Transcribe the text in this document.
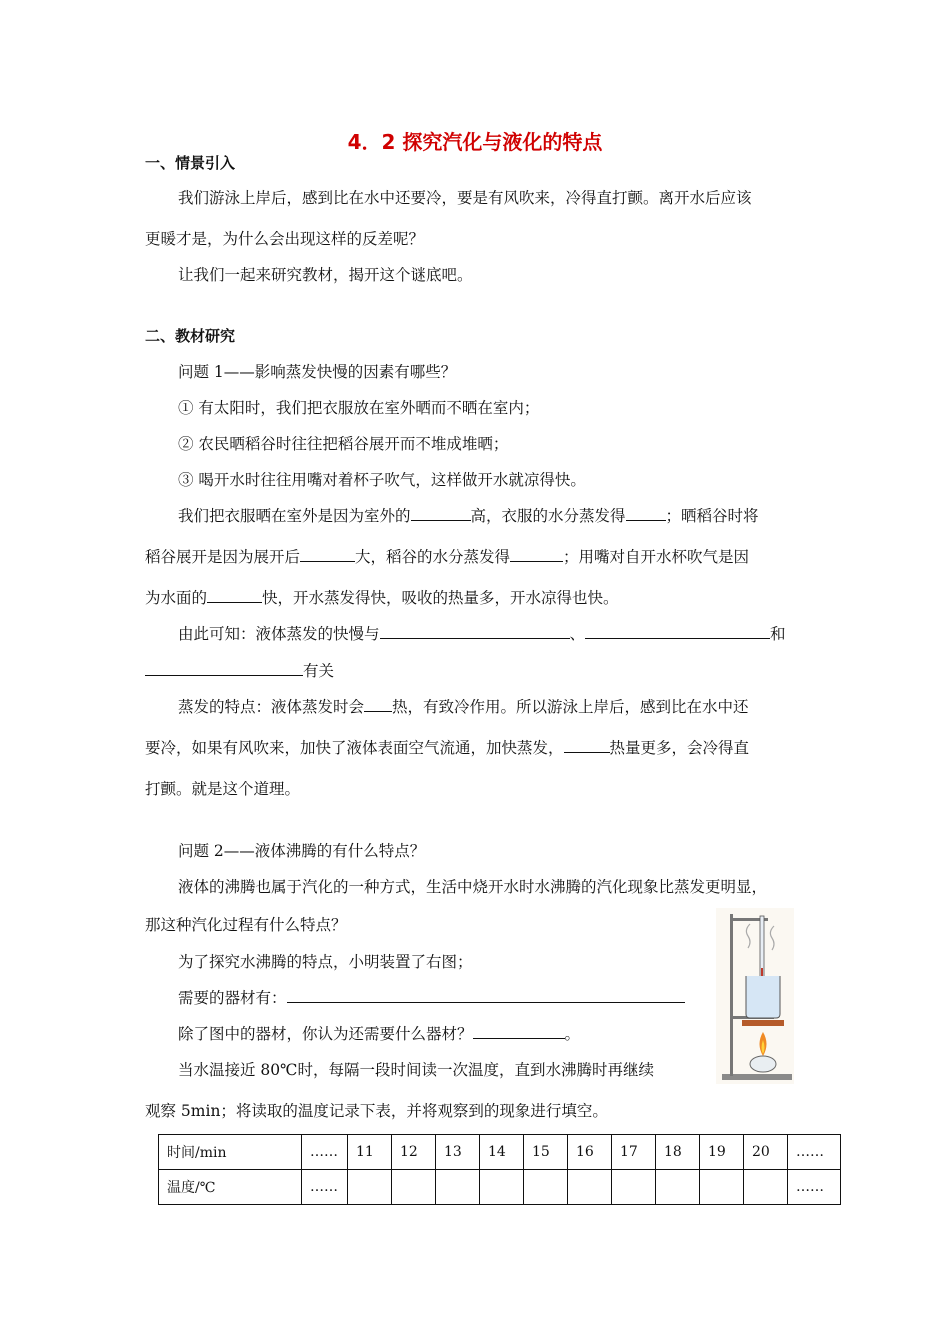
4．2 探究汽化与液化的特点
一、情景引入
我们游泳上岸后，感到比在水中还要冷，要是有风吹来，冷得直打颤。离开水后应该
更暖才是，为什么会出现这样的反差呢？
让我们一起来研究教材，揭开这个谜底吧。
二、教材研究
问题 1——影响蒸发快慢的因素有哪些？
① 有太阳时，我们把衣服放在室外晒而不晒在室内；
② 农民晒稻谷时往往把稻谷展开而不堆成堆晒；
③ 喝开水时往往用嘴对着杯子吹气，这样做开水就凉得快。
我们把衣服晒在室外是因为室外的	高，衣服的水分蒸发得	；晒稻谷时将
稻谷展开是因为展开后	大，稻谷的水分蒸发得	；用嘴对自开水杯吹气是因
为水面的	快，开水蒸发得快，吸收的热量多，开水凉得也快。
由此可知：液体蒸发的快慢与	、	和
有关
蒸发的特点：液体蒸发时会 热，有致冷作用。所以游泳上岸后，感到比在水中还
要冷，如果有风吹来，加快了液体表面空气流通，加快蒸发，	热量更多，会冷得直
打颤。就是这个道理。
问题 2——液体沸腾的有什么特点？
液体的沸腾也属于汽化的一种方式，生活中烧开水时水沸腾的汽化现象比蒸发更明显，
那这种汽化过程有什么特点？
为了探究水沸腾的特点，小明装置了右图；
需要的器材有：
除了图中的器材，你认为还需要什么器材？	。
当水温接近 80℃时，每隔一段时间读一次温度，直到水沸腾时再继续
观察 5min；将读取的温度记录下表，并将观察到的现象进行填空。
时间/min	……	11	12	13	14	15	16	17	18	19	20	……
温度/℃	……											……
